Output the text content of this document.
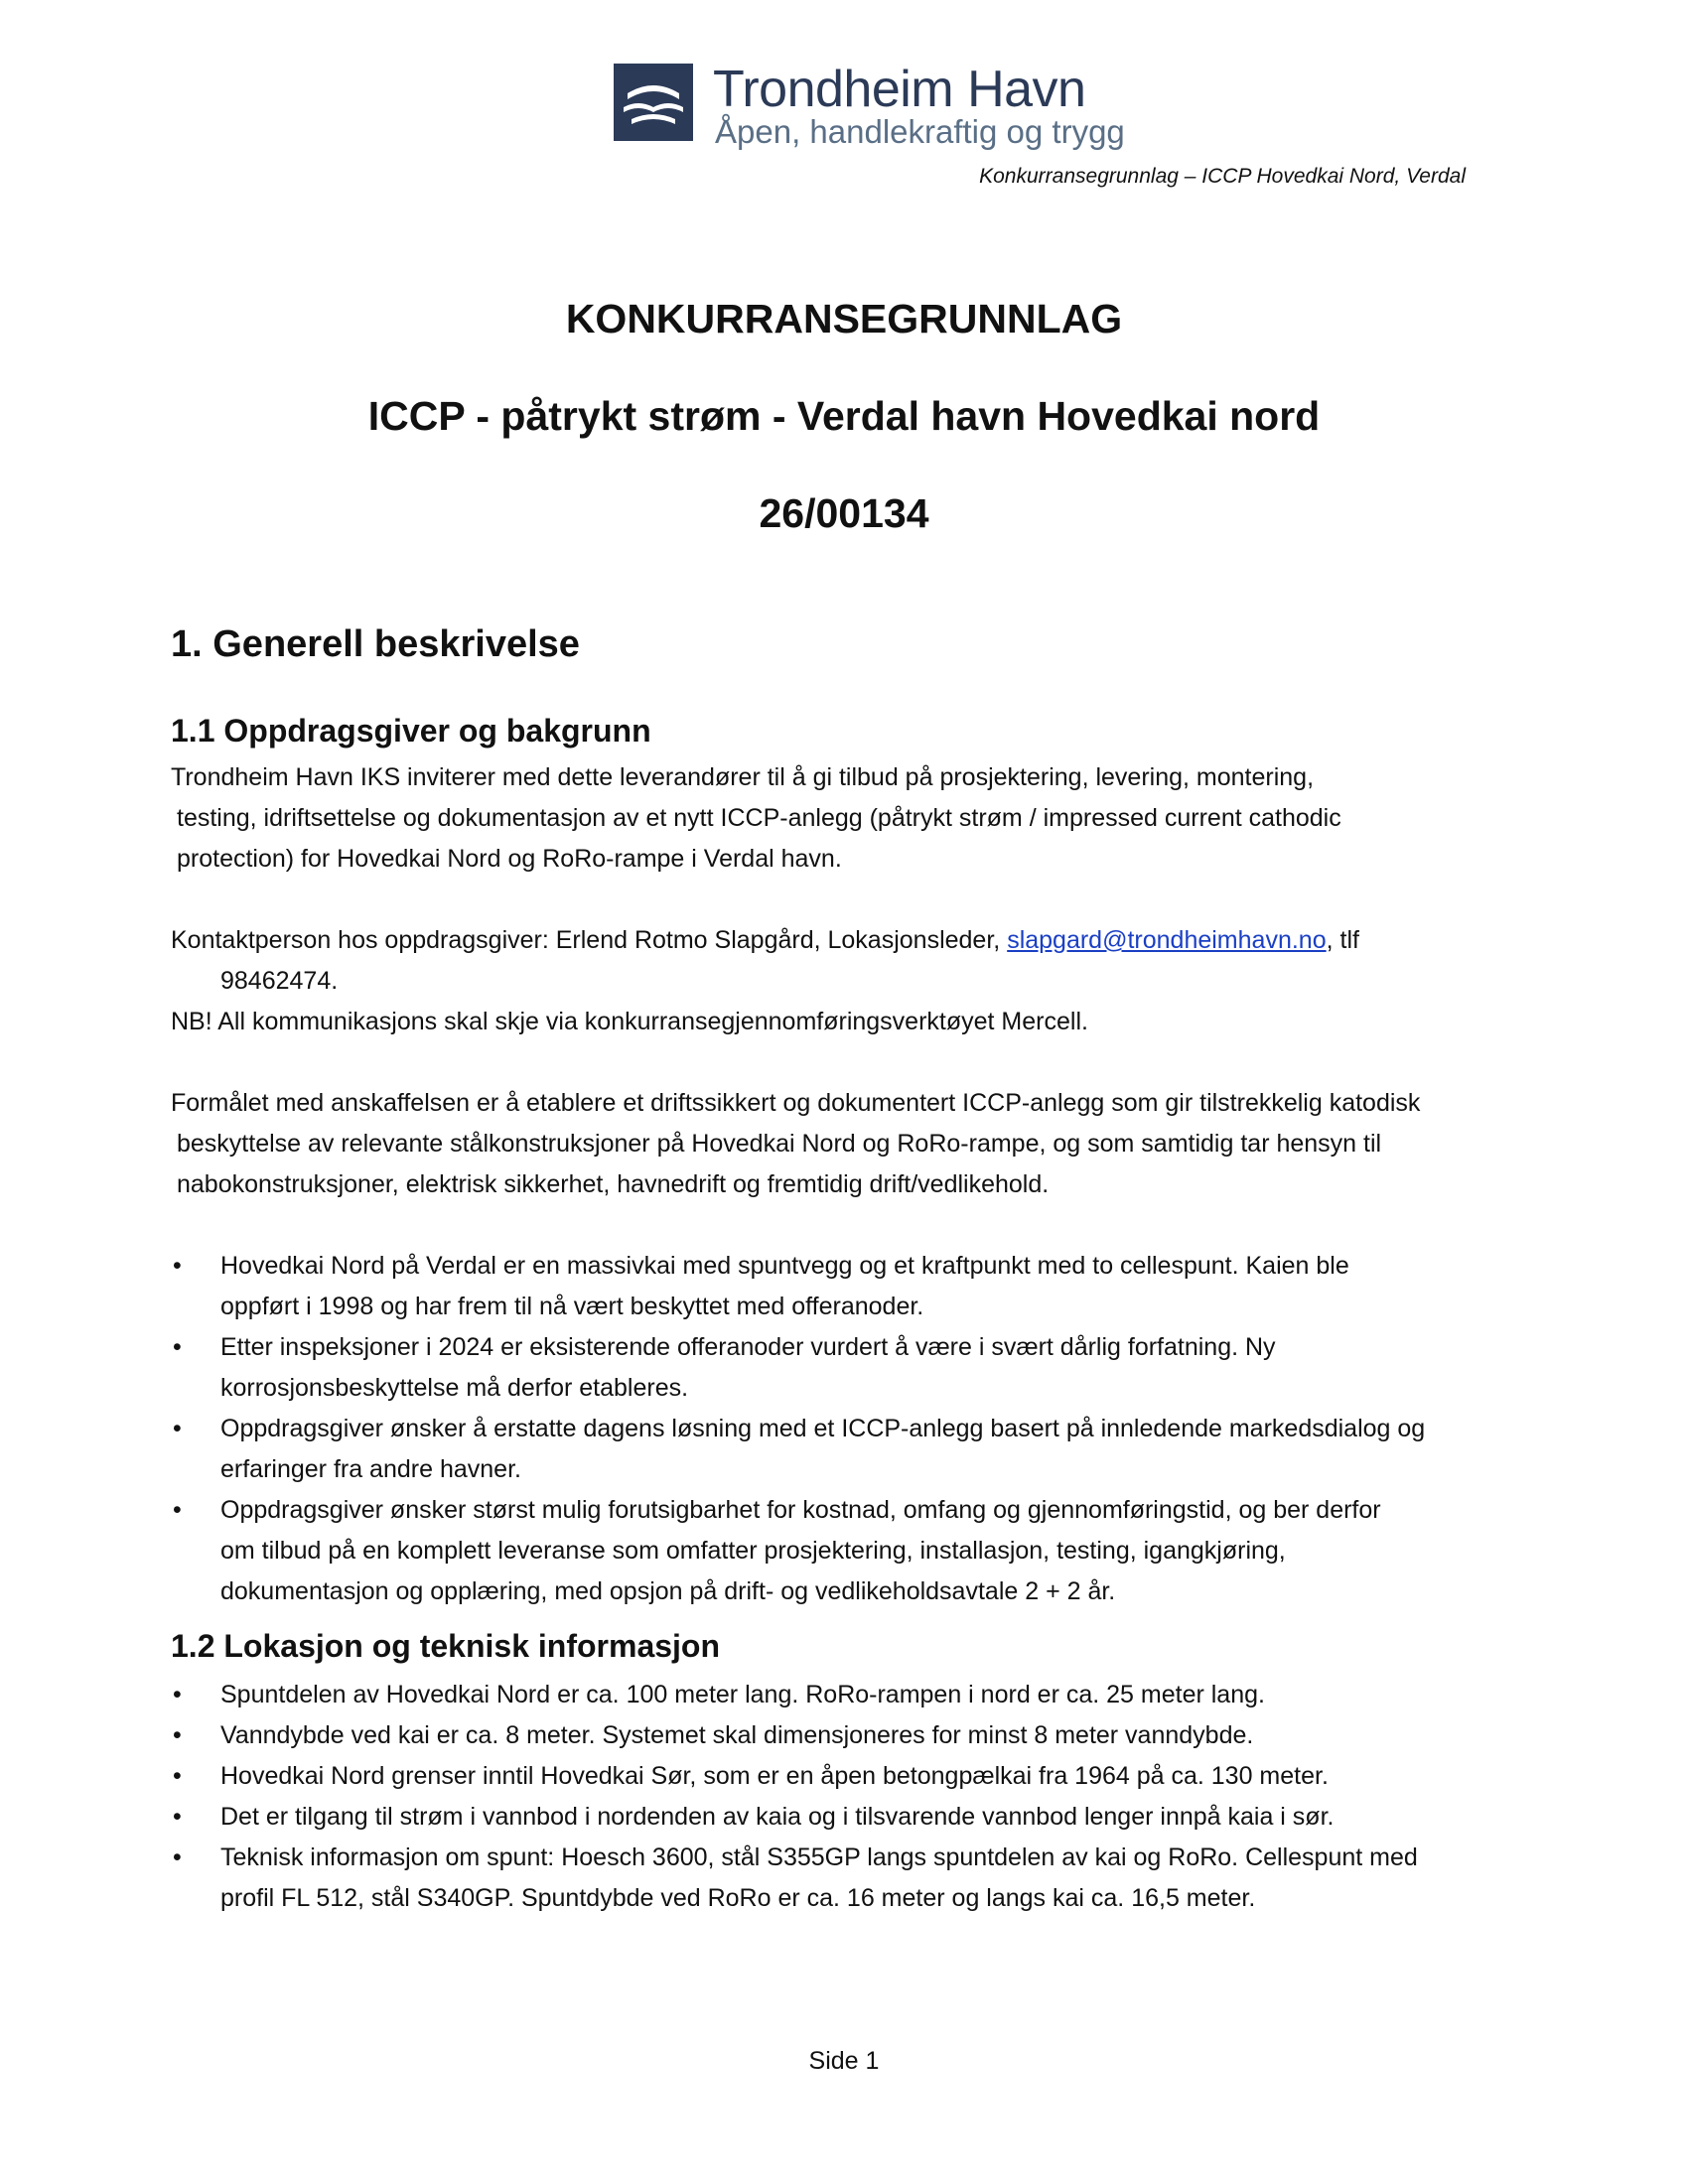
Trondheim Havn
Åpen, handlekraftig og trygg
Konkurransegrunnlag – ICCP Hovedkai Nord, Verdal
KONKURRANSEGRUNNLAG
ICCP - påtrykt strøm - Verdal havn Hovedkai nord
26/00134
1. Generell beskrivelse
1.1 Oppdragsgiver og bakgrunn
Trondheim Havn IKS inviterer med dette leverandører til å gi tilbud på prosjektering, levering, montering,
testing, idriftsettelse og dokumentasjon av et nytt ICCP-anlegg (påtrykt strøm / impressed current cathodic
protection) for Hovedkai Nord og RoRo-rampe i Verdal havn.
Kontaktperson hos oppdragsgiver: Erlend Rotmo Slapgård, Lokasjonsleder, slapgard@trondheimhavn.no, tlf
98462474.
NB! All kommunikasjons skal skje via konkurransegjennomføringsverktøyet Mercell.
Formålet med anskaffelsen er å etablere et driftssikkert og dokumentert ICCP-anlegg som gir tilstrekkelig katodisk
beskyttelse av relevante stålkonstruksjoner på Hovedkai Nord og RoRo-rampe, og som samtidig tar hensyn til
nabokonstruksjoner, elektrisk sikkerhet, havnedrift og fremtidig drift/vedlikehold.
• Hovedkai Nord på Verdal er en massivkai med spuntvegg og et kraftpunkt med to cellespunt. Kaien ble
oppført i 1998 og har frem til nå vært beskyttet med offeranoder.
• Etter inspeksjoner i 2024 er eksisterende offeranoder vurdert å være i svært dårlig forfatning. Ny
korrosjonsbeskyttelse må derfor etableres.
• Oppdragsgiver ønsker å erstatte dagens løsning med et ICCP-anlegg basert på innledende markedsdialog og
erfaringer fra andre havner.
• Oppdragsgiver ønsker størst mulig forutsigbarhet for kostnad, omfang og gjennomføringstid, og ber derfor
om tilbud på en komplett leveranse som omfatter prosjektering, installasjon, testing, igangkjøring,
dokumentasjon og opplæring, med opsjon på drift- og vedlikeholdsavtale 2 + 2 år.
1.2 Lokasjon og teknisk informasjon
• Spuntdelen av Hovedkai Nord er ca. 100 meter lang. RoRo-rampen i nord er ca. 25 meter lang.
• Vanndybde ved kai er ca. 8 meter. Systemet skal dimensjoneres for minst 8 meter vanndybde.
• Hovedkai Nord grenser inntil Hovedkai Sør, som er en åpen betongpælkai fra 1964 på ca. 130 meter.
• Det er tilgang til strøm i vannbod i nordenden av kaia og i tilsvarende vannbod lenger innpå kaia i sør.
• Teknisk informasjon om spunt: Hoesch 3600, stål S355GP langs spuntdelen av kai og RoRo. Cellespunt med
profil FL 512, stål S340GP. Spuntdybde ved RoRo er ca. 16 meter og langs kai ca. 16,5 meter.
Side 1
